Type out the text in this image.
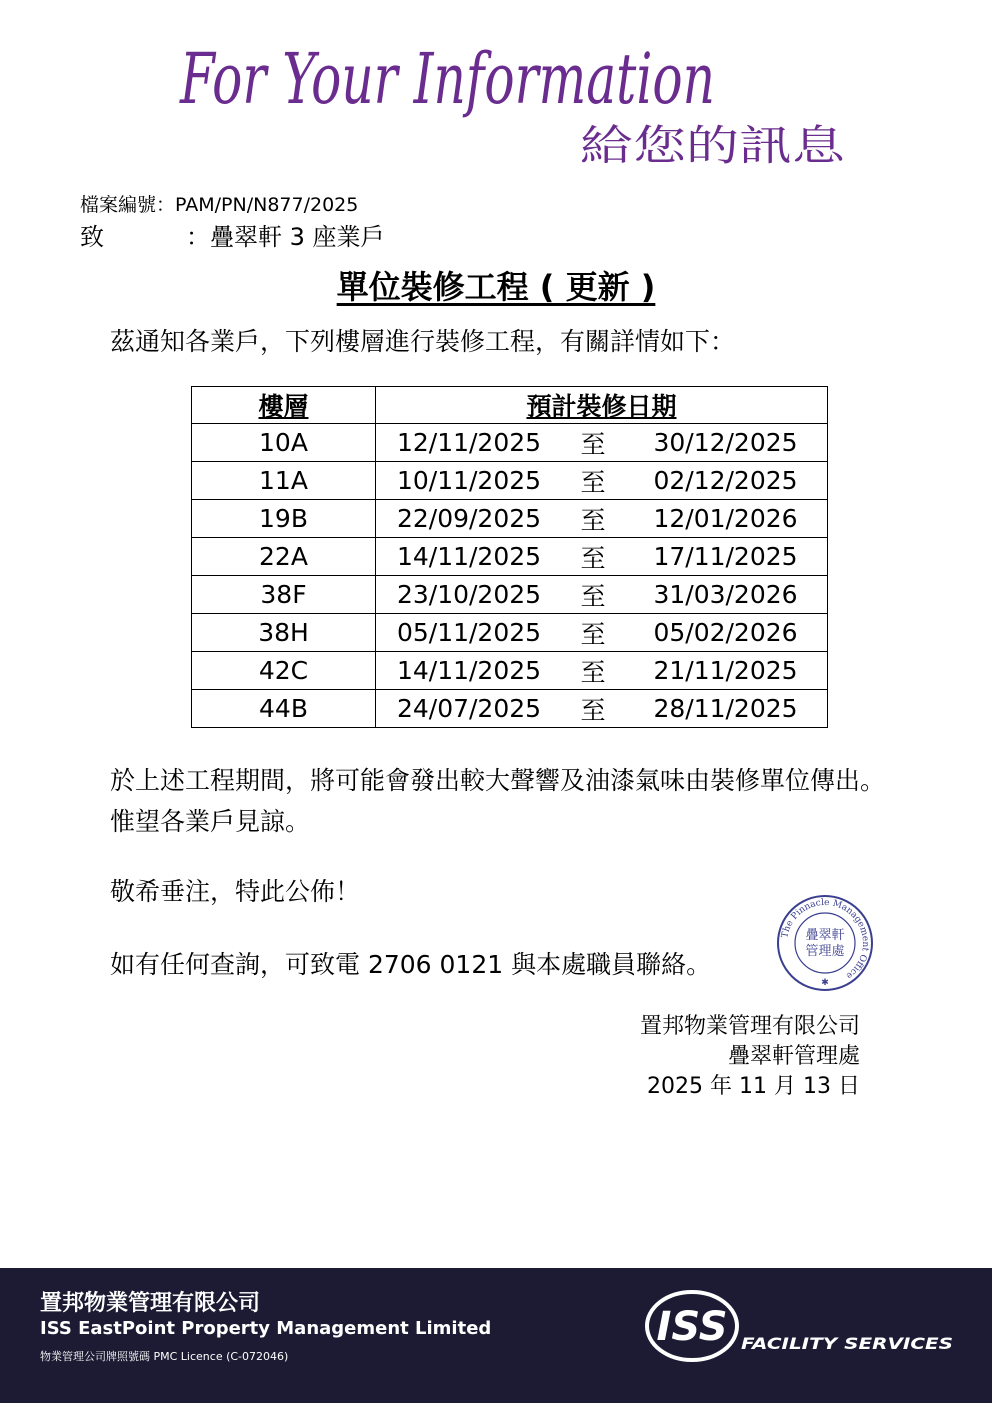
For Your Information
給您的訊息
檔案編號：PAM/PN/N877/2025
致	：疊翠軒 3 座業戶
單位裝修工程 ( 更新 )
茲通知各業戶，下列樓層進行裝修工程，有關詳情如下：
樓層	預計裝修日期		
10A	12/11/2025	至	30/12/2025
11A	10/11/2025	至	02/12/2025
19B	22/09/2025	至	12/01/2026
22A	14/11/2025	至	17/11/2025
38F	23/10/2025	至	31/03/2026
38H	05/11/2025	至	05/02/2026
42C	14/11/2025	至	21/11/2025
44B	24/07/2025	至	28/11/2025
於上述工程期間，將可能會發出較大聲響及油漆氣味由裝修單位傳出。惟望各業戶見諒。
敬希垂注，特此公佈！
如有任何查詢，可致電 2706 0121 與本處職員聯絡。
The Pinnacle Management Office
疊翠軒
管理處
✱
置邦物業管理有限公司
疊翠軒管理處
2025 年 11 月 13 日
置邦物業管理有限公司
ISS EastPoint Property Management Limited
物業管理公司牌照號碼 PMC Licence (C-072046)
ISS FACILITY SERVICES
